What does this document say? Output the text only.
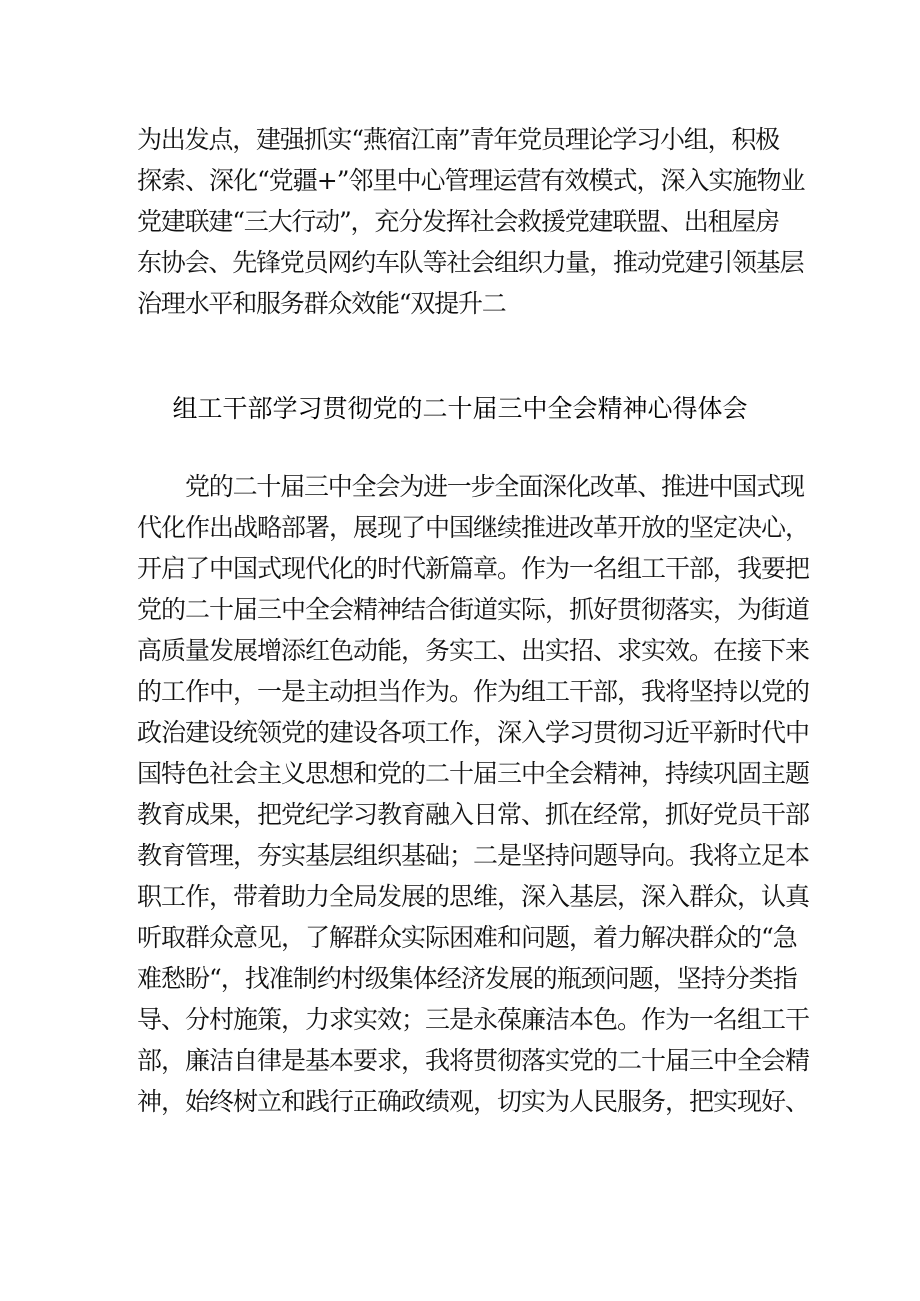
为出发点，建强抓实“燕宿江南”青年党员理论学习小组，积极
探索、深化“党疆+”邻里中心管理运营有效模式，深入实施物业
党建联建“三大行动”，充分发挥社会救援党建联盟、出租屋房
东协会、先锋党员网约车队等社会组织力量，推动党建引领基层
治理水平和服务群众效能“双提升二
组工干部学习贯彻党的二十届三中全会精神心得体会
党的二十届三中全会为进一步全面深化改革、推进中国式现
代化作出战略部署，展现了中国继续推进改革开放的坚定决心，
开启了中国式现代化的时代新篇章。作为一名组工干部，我要把
党的二十届三中全会精神结合街道实际，抓好贯彻落实，为街道
高质量发展增添红色动能，务实工、出实招、求实效。在接下来
的工作中，一是主动担当作为。作为组工干部，我将坚持以党的
政治建设统领党的建设各项工作，深入学习贯彻习近平新时代中
国特色社会主义思想和党的二十届三中全会精神，持续巩固主题
教育成果，把党纪学习教育融入日常、抓在经常，抓好党员干部
教育管理，夯实基层组织基础；二是坚持问题导向。我将立足本
职工作，带着助力全局发展的思维，深入基层，深入群众，认真
听取群众意见，了解群众实际困难和问题，着力解决群众的“急
难愁盼“，找准制约村级集体经济发展的瓶颈问题，坚持分类指
导、分村施策，力求实效；三是永葆廉洁本色。作为一名组工干
部，廉洁自律是基本要求，我将贯彻落实党的二十届三中全会精
神，始终树立和践行正确政绩观，切实为人民服务，把实现好、
